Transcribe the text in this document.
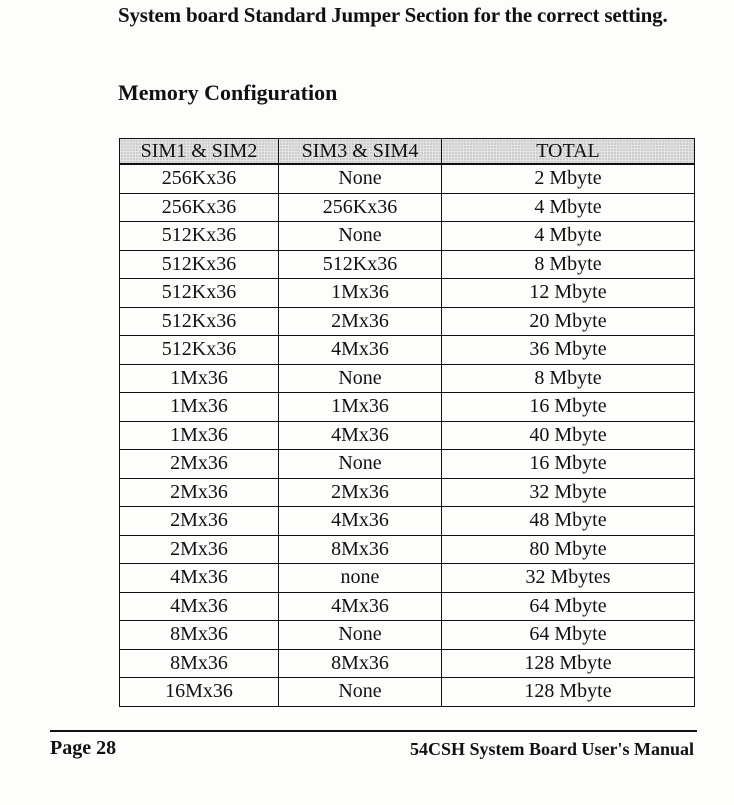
System board Standard Jumper Section for the correct setting.
Memory Configuration
SIM1 & SIM2	SIM3 & SIM4	TOTAL
256Kx36	None	2 Mbyte
256Kx36	256Kx36	4 Mbyte
512Kx36	None	4 Mbyte
512Kx36	512Kx36	8 Mbyte
512Kx36	1Mx36	12 Mbyte
512Kx36	2Mx36	20 Mbyte
512Kx36	4Mx36	36 Mbyte
1Mx36	None	8 Mbyte
1Mx36	1Mx36	16 Mbyte
1Mx36	4Mx36	40 Mbyte
2Mx36	None	16 Mbyte
2Mx36	2Mx36	32 Mbyte
2Mx36	4Mx36	48 Mbyte
2Mx36	8Mx36	80 Mbyte
4Mx36	none	32 Mbytes
4Mx36	4Mx36	64 Mbyte
8Mx36	None	64 Mbyte
8Mx36	8Mx36	128 Mbyte
16Mx36	None	128 Mbyte
Page 28	54CSH System Board User's Manual
